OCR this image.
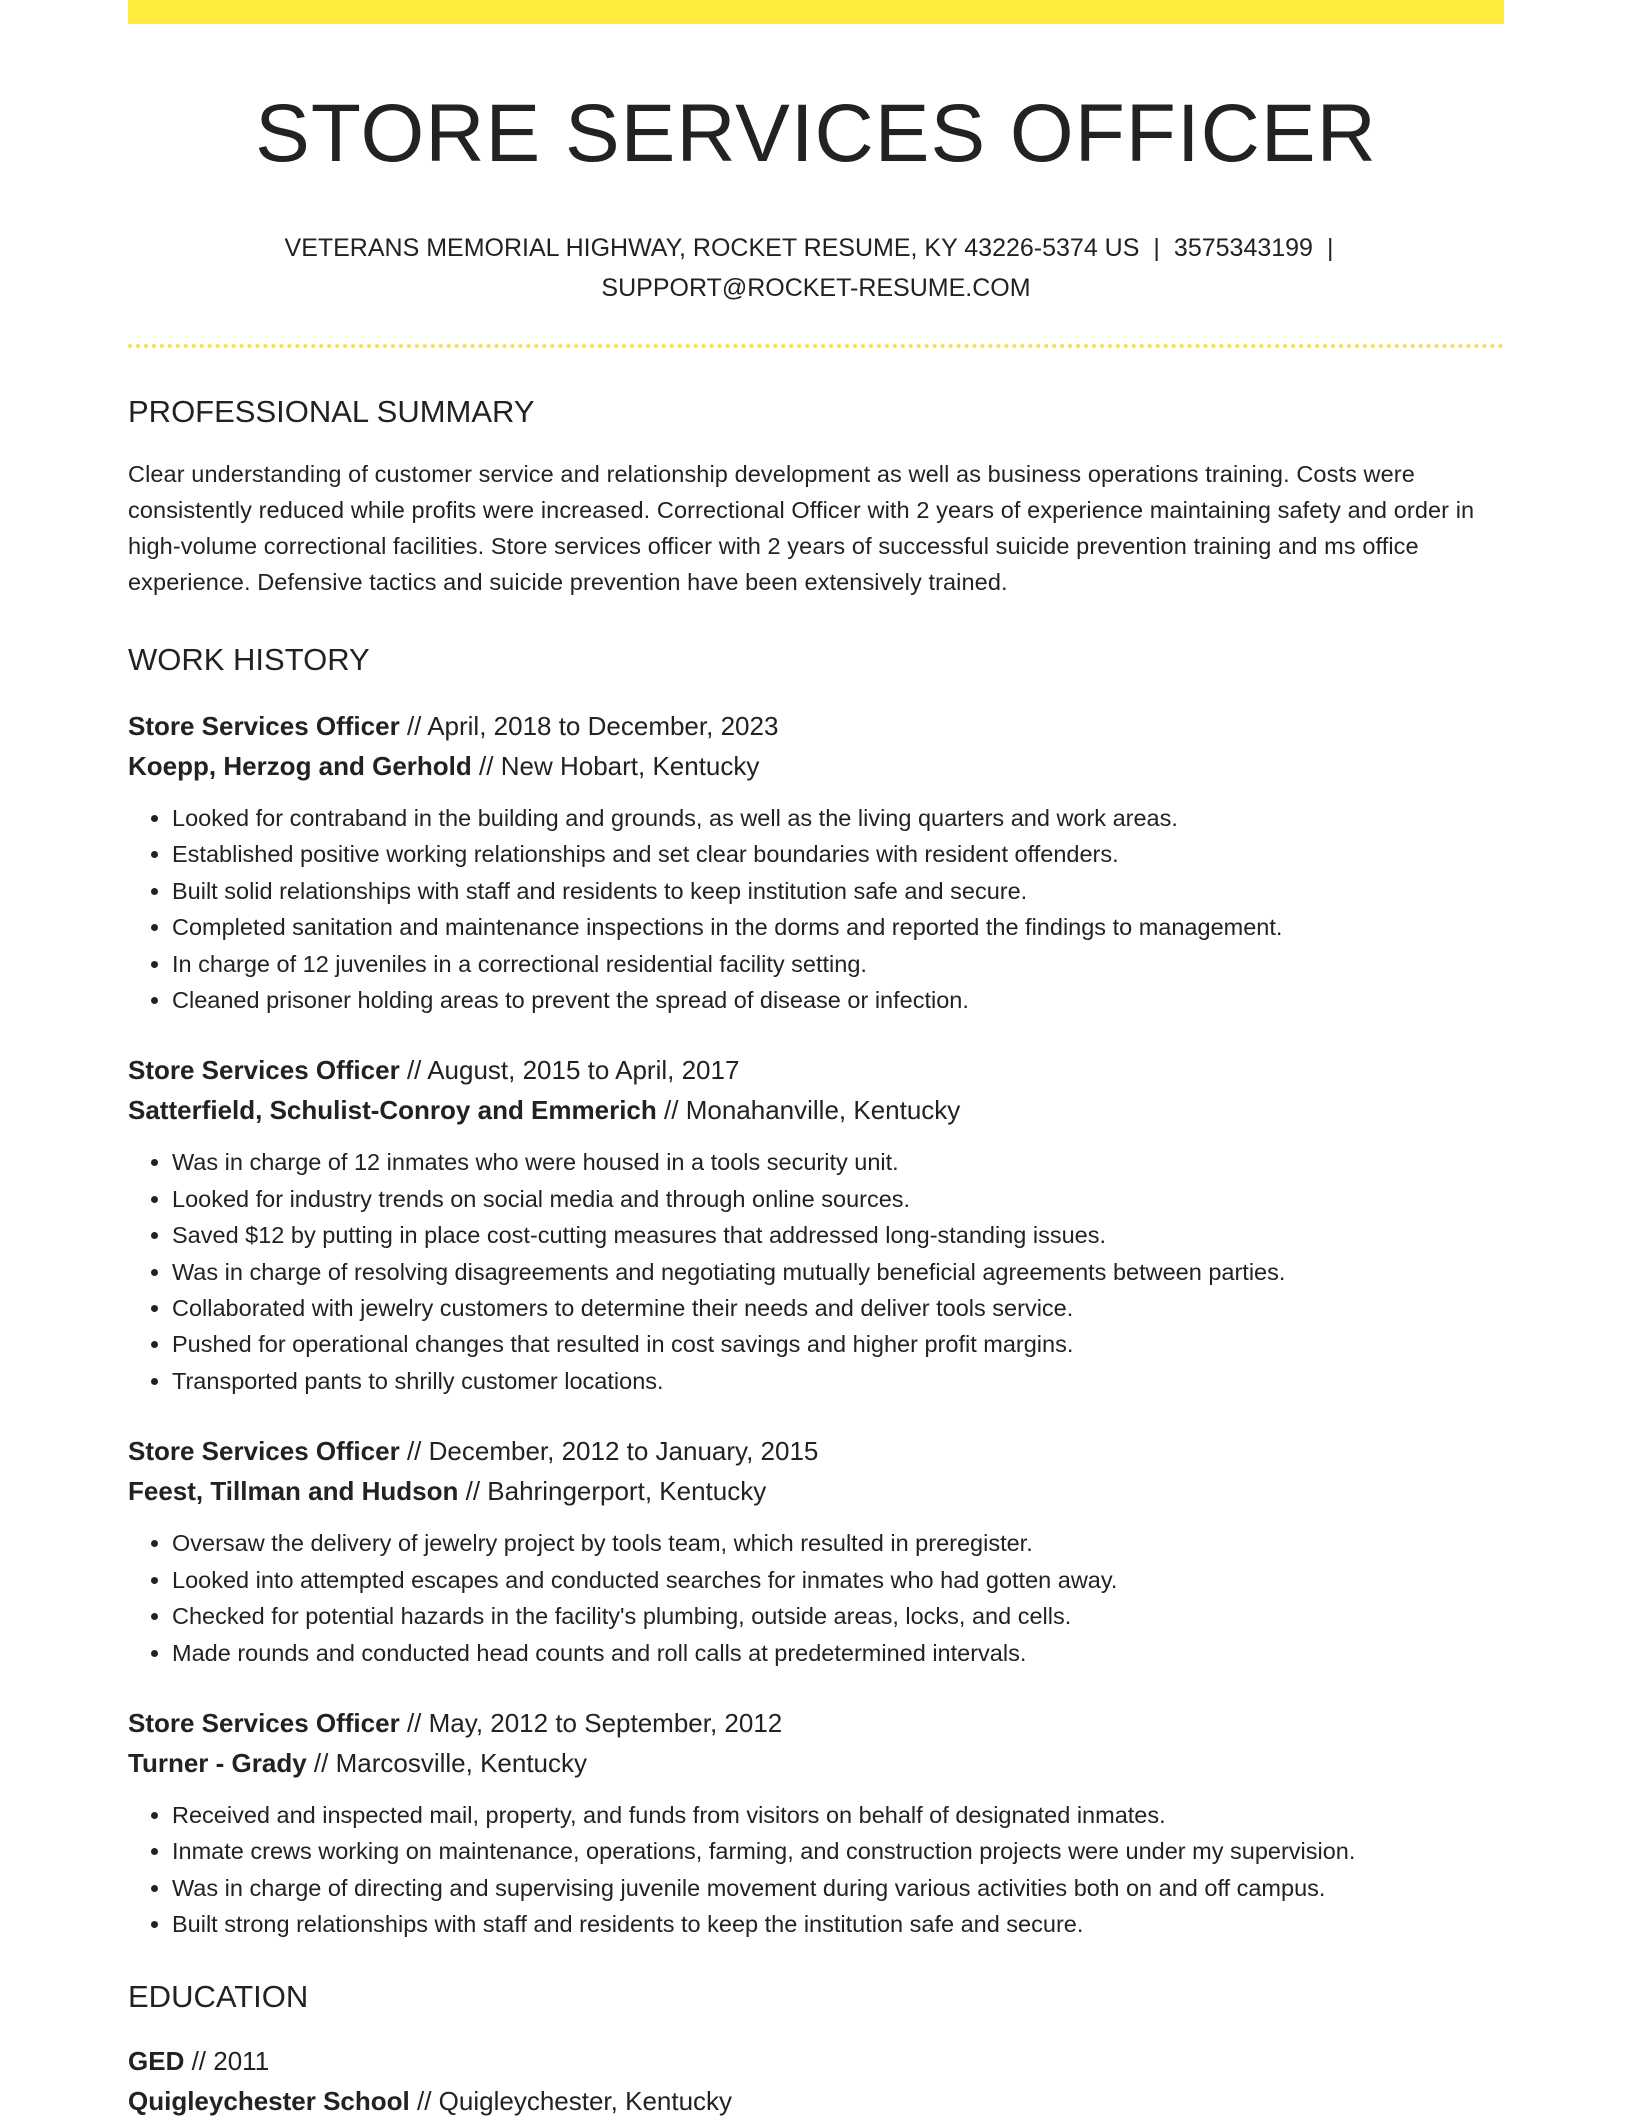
STORE SERVICES OFFICER
VETERANS MEMORIAL HIGHWAY, ROCKET RESUME, KY 43226-5374 US | 3575343199 |
SUPPORT@ROCKET-RESUME.COM
PROFESSIONAL SUMMARY

Clear understanding of customer service and relationship development as well as business operations training. Costs were consistently reduced while profits were increased. Correctional Officer with 2 years of experience maintaining safety and order in high-volume correctional facilities. Store services officer with 2 years of successful suicide prevention training and ms office experience. Defensive tactics and suicide prevention have been extensively trained.

WORK HISTORY
Store Services Officer // April, 2018 to December, 2023
Koepp, Herzog and Gerhold // New Hobart, Kentucky
• Looked for contraband in the building and grounds, as well as the living quarters and work areas.
• Established positive working relationships and set clear boundaries with resident offenders.
• Built solid relationships with staff and residents to keep institution safe and secure.
• Completed sanitation and maintenance inspections in the dorms and reported the findings to management.
• In charge of 12 juveniles in a correctional residential facility setting.
• Cleaned prisoner holding areas to prevent the spread of disease or infection.
Store Services Officer // August, 2015 to April, 2017
Satterfield, Schulist-Conroy and Emmerich // Monahanville, Kentucky
• Was in charge of 12 inmates who were housed in a tools security unit.
• Looked for industry trends on social media and through online sources.
• Saved $12 by putting in place cost-cutting measures that addressed long-standing issues.
• Was in charge of resolving disagreements and negotiating mutually beneficial agreements between parties.
• Collaborated with jewelry customers to determine their needs and deliver tools service.
• Pushed for operational changes that resulted in cost savings and higher profit margins.
• Transported pants to shrilly customer locations.
Store Services Officer // December, 2012 to January, 2015
Feest, Tillman and Hudson // Bahringerport, Kentucky
• Oversaw the delivery of jewelry project by tools team, which resulted in preregister.
• Looked into attempted escapes and conducted searches for inmates who had gotten away.
• Checked for potential hazards in the facility's plumbing, outside areas, locks, and cells.
• Made rounds and conducted head counts and roll calls at predetermined intervals.
Store Services Officer // May, 2012 to September, 2012
Turner - Grady // Marcosville, Kentucky
• Received and inspected mail, property, and funds from visitors on behalf of designated inmates.
• Inmate crews working on maintenance, operations, farming, and construction projects were under my supervision.
• Was in charge of directing and supervising juvenile movement during various activities both on and off campus.
• Built strong relationships with staff and residents to keep the institution safe and secure.
EDUCATION
GED // 2011
Quigleychester School // Quigleychester, Kentucky
